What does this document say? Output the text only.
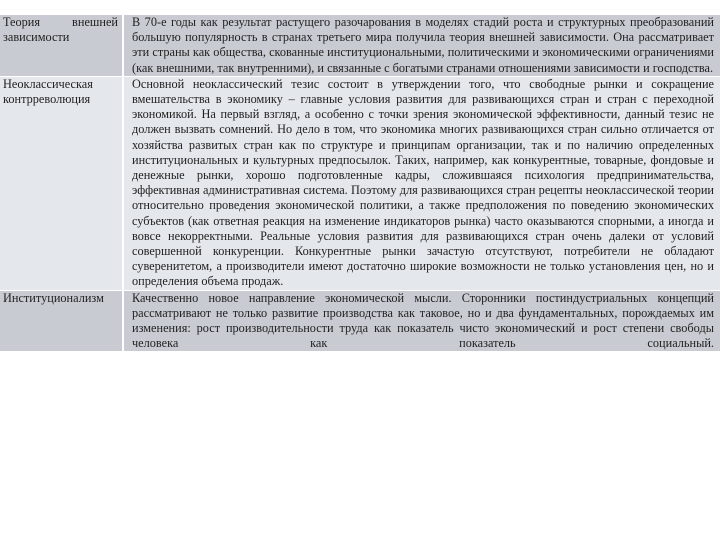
Теория внешней зависимости
В 70-е годы как результат растущего разочарования в моделях стадий роста и структурных преобразований большую популярность в странах третьего мира получила теория внешней зависимости. Она рассматривает эти страны как общества, скованные институциональными, политическими и экономическими ограничениями (как внешними, так внутренними), и связанные с богатыми странами отношениями зависимости и господства.
Неоклассическая контрреволюция
Основной неоклассический тезис состоит в утверждении того, что свободные рынки и сокращение вмешательства в экономику – главные условия развития для развивающихся стран и стран с переходной экономикой. На первый взгляд, а особенно с точки зрения экономической эффективности, данный тезис не должен вызвать сомнений. Но дело в том, что экономика многих развивающихся стран сильно отличается от хозяйства развитых стран как по структуре и принципам организации, так и по наличию определенных институциональных и культурных предпосылок. Таких, например, как конкурентные, товарные, фондовые и денежные рынки, хорошо подготовленные кадры, сложившаяся психология предпринимательства, эффективная административная система. Поэтому для развивающихся стран рецепты неоклассической теории относительно проведения экономической политики, а также предположения по поведению экономических субъектов (как ответная реакция на изменение индикаторов рынка) часто оказываются спорными, а иногда и вовсе некорректными. Реальные условия развития для развивающихся стран очень далеки от условий совершенной конкуренции. Конкурентные рынки зачастую отсутствуют, потребители не обладают суверенитетом, а производители имеют достаточно широкие возможности не только установления цен, но и определения объема продаж.
Институционализм	Качественно новое направление экономической мысли. Сторонники постиндустриальных концепций рассматривают не только развитие производства как таковое, но и два фундаментальных, порождаемых им изменения: рост производительности труда как показатель чисто экономический и рост степени свободы человека как показатель социальный.
